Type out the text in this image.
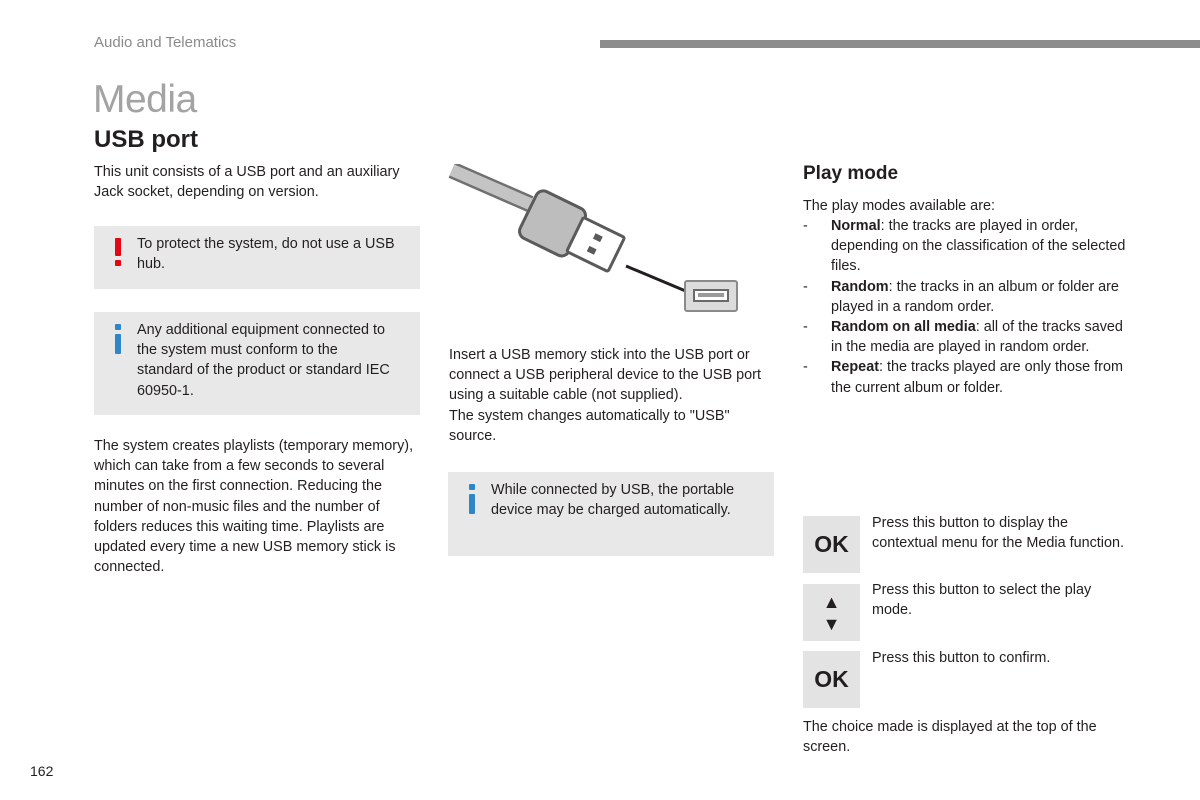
Audio and Telematics
Media
USB port

This unit consists of a USB port and an auxiliary Jack socket, depending on version.

To protect the system, do not use a USB hub.

Any additional equipment connected to the system must conform to the standard of the product or standard IEC 60950-1.

The system creates playlists (temporary memory), which can take from a few seconds to several minutes on the first connection. Reducing the number of non-music files and the number of folders reduces this waiting time. Playlists are updated every time a new USB memory stick is connected.

Insert a USB memory stick into the USB port or connect a USB peripheral device to the USB port using a suitable cable (not supplied).

The system changes automatically to "USB" source.

While connected by USB, the portable device may be charged automatically.

Play mode

The play modes available are:

- Normal: the tracks are played in order, depending on the classification of the selected files.
- Random: the tracks in an album or folder are played in a random order.
- Random on all media: all of the tracks saved in the media are played in random order.
- Repeat: the tracks played are only those from the current album or folder.
OK

Press this button to display the contextual menu for the Media function.

▲
▼

Press this button to select the play mode.

OK

Press this button to confirm.

The choice made is displayed at the top of the screen.

162
